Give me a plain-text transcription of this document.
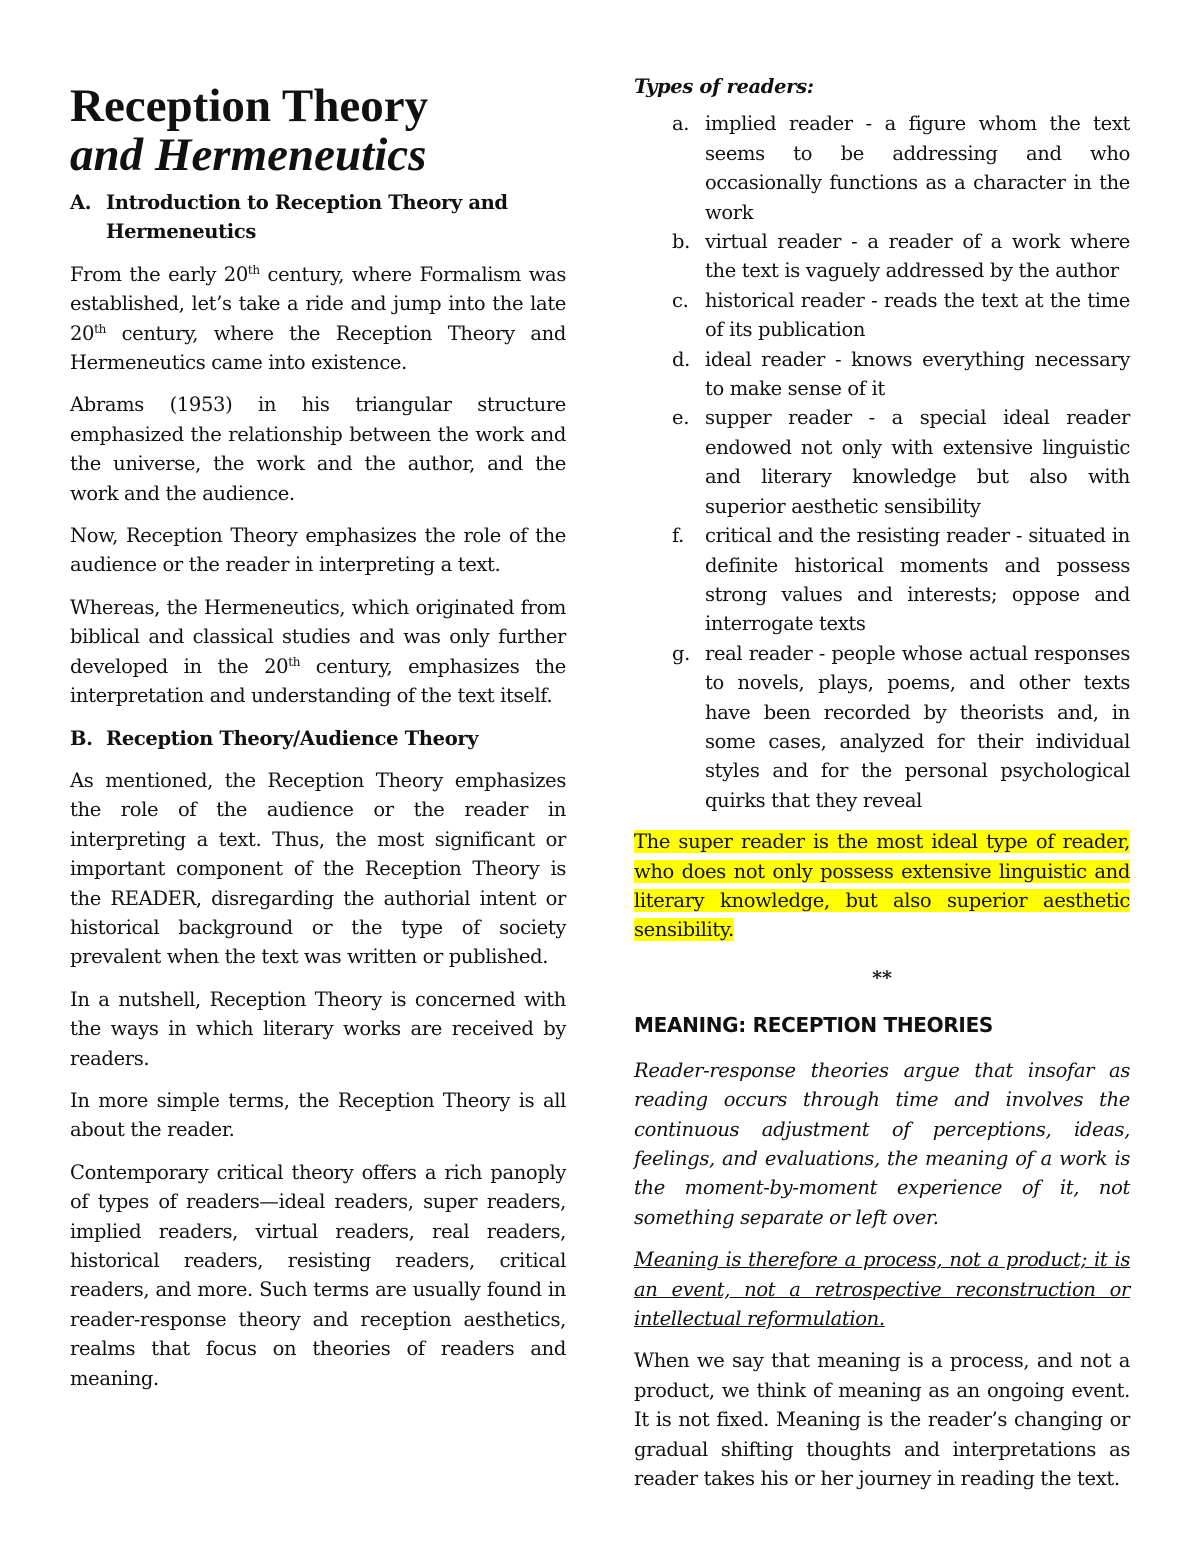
Reception Theory
and Hermeneutics
A. Introduction to Reception Theory and Hermeneutics

From the early 20th century, where Formalism was established, let’s take a ride and jump into the late 20th century, where the Reception Theory and Hermeneutics came into existence.

Abrams (1953) in his triangular structure emphasized the relationship between the work and the universe, the work and the author, and the work and the audience.

Now, Reception Theory emphasizes the role of the audience or the reader in interpreting a text.

Whereas, the Hermeneutics, which originated from biblical and classical studies and was only further developed in the 20th century, emphasizes the interpretation and understanding of the text itself.

B. Reception Theory/Audience Theory

As mentioned, the Reception Theory emphasizes the role of the audience or the reader in interpreting a text. Thus, the most significant or important component of the Reception Theory is the READER, disregarding the authorial intent or historical background or the type of society prevalent when the text was written or published.

In a nutshell, Reception Theory is concerned with the ways in which literary works are received by readers.

In more simple terms, the Reception Theory is all about the reader.

Contemporary critical theory offers a rich panoply of types of readers—ideal readers, super readers, implied readers, virtual readers, real readers, historical readers, resisting readers, critical readers, and more. Such terms are usually found in reader-response theory and reception aesthetics, realms that focus on theories of readers and meaning.

Types of readers:

a. implied reader - a figure whom the text seems to be addressing and who occasionally functions as a character in the work
b. virtual reader - a reader of a work where the text is vaguely addressed by the author
c. historical reader - reads the text at the time of its publication
d. ideal reader - knows everything necessary to make sense of it
e. supper reader - a special ideal reader endowed not only with extensive linguistic and literary knowledge but also with superior aesthetic sensibility
f.	critical and the resisting reader - situated in definite historical moments and possess strong values and interests; oppose and interrogate texts
g. real reader - people whose actual responses to novels, plays, poems, and other texts have been recorded by theorists and, in some cases, analyzed for their individual styles and for the personal psychological quirks that they reveal

The super reader is the most ideal type of reader, who does not only possess extensive linguistic and literary knowledge, but also superior aesthetic sensibility.

**
MEANING: RECEPTION THEORIES

Reader-response theories argue that insofar as reading occurs through time and involves the continuous adjustment of perceptions, ideas, feelings, and evaluations, the meaning of a work is the moment-by-moment experience of it, not something separate or left over.

Meaning is therefore a process, not a product; it is an event, not a retrospective reconstruction or intellectual reformulation.

When we say that meaning is a process, and not a product, we think of meaning as an ongoing event. It is not fixed. Meaning is the reader’s changing or gradual shifting thoughts and interpretations as reader takes his or her journey in reading the text.
